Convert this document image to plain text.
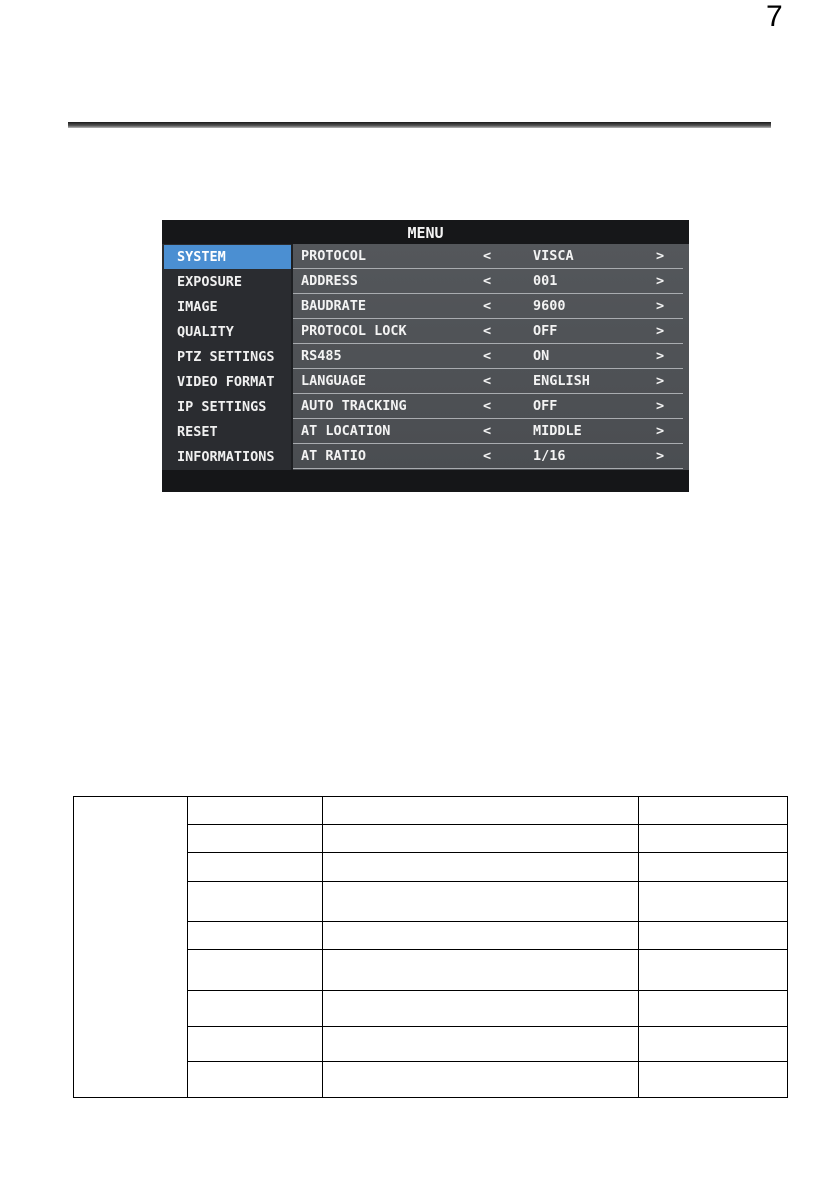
7
MENU
SYSTEM
EXPOSURE
IMAGE
QUALITY
PTZ SETTINGS
VIDEO FORMAT
IP SETTINGS
RESET
INFORMATIONS
PROTOCOL	<	VISCA	>
ADDRESS	<	001	>
BAUDRATE	<	9600	>
PROTOCOL LOCK	<	OFF	>
RS485	<	ON	>
LANGUAGE	<	ENGLISH	>
AUTO TRACKING	<	OFF	>
AT LOCATION	<	MIDDLE	>
AT RATIO	<	1/16	>
